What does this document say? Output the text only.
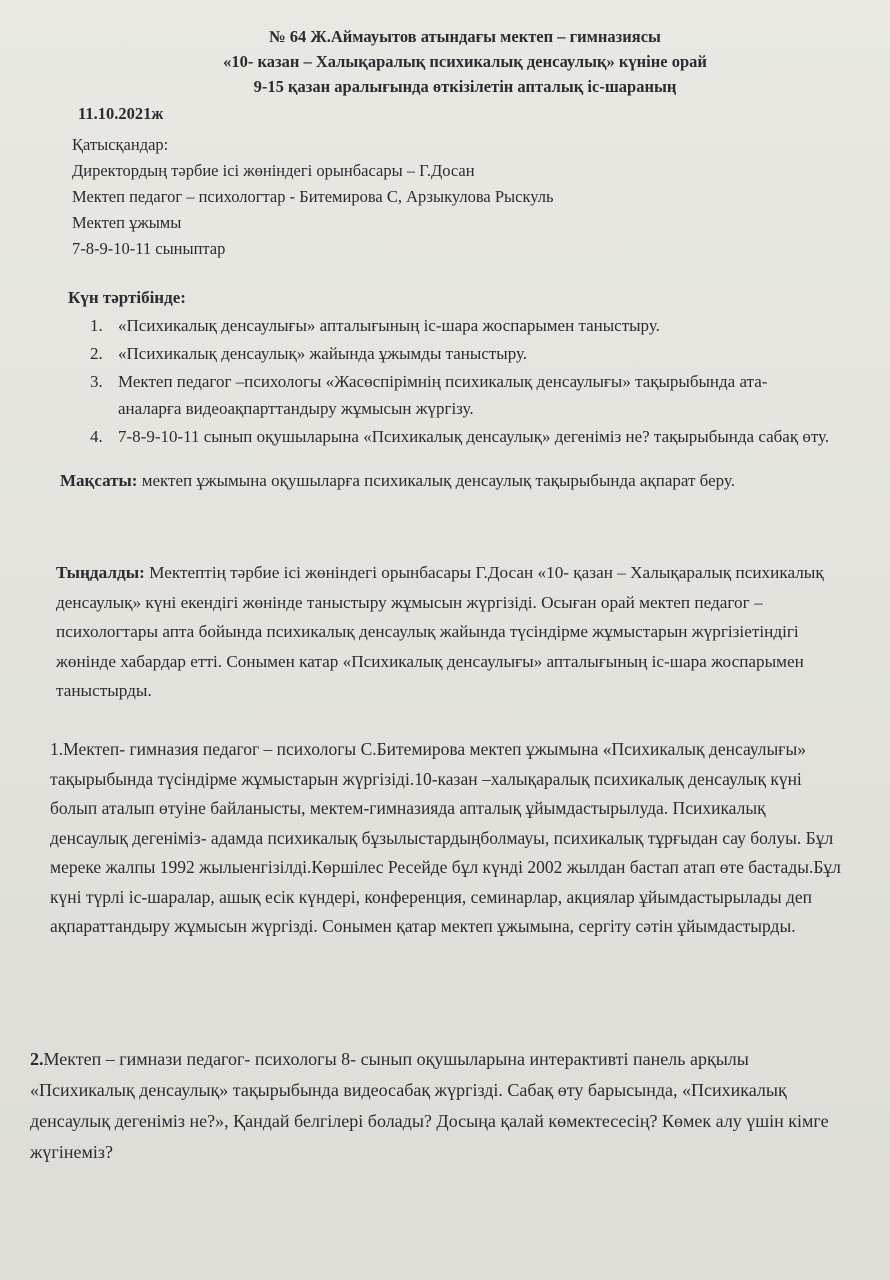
№ 64 Ж.Аймауытов атындағы мектеп – гимназиясы
«10- казан – Халықаралық психикалық денсаулық» күніне орай
9-15 қазан аралығында өткізілетін апталық іс-шараның
11.10.2021ж
Қатысқандар:
Директордың тәрбие ісі жөніндегі орынбасары – Г.Досан
Мектеп педагог – психологтар - Битемирова С, Арзыкулова Рыскуль
Мектеп ұжымы
7-8-9-10-11 сыныптар
Күн тәртібінде:
1. «Психикалық денсаулығы» апталығының іс-шара жоспарымен таныстыру.
2. «Психикалық денсаулық» жайында ұжымды таныстыру.
3. Мектеп педагог –психологы «Жасөспірімнің психикалық денсаулығы» тақырыбында ата-аналарға видеоақпарттандыру жұмысын жүргізу.
4. 7-8-9-10-11 сынып оқушыларына «Психикалық денсаулық» дегеніміз не? тақырыбында сабақ өту.
Мақсаты: мектеп ұжымына оқушыларға психикалық денсаулық тақырыбында ақпарат беру.
Тыңдалды: Мектептің тәрбие ісі жөніндегі орынбасары Г.Досан «10- қазан – Халықаралық психикалық денсаулық» күні екендігі жөнінде таныстыру жұмысын жүргізіді. Осыған орай мектеп педагог – психологтары апта бойында психикалық денсаулық жайында түсіндірме жұмыстарын жүргізіетіндігі жөнінде хабардар етті. Сонымен катар «Психикалық денсаулығы» апталығының іс-шара жоспарымен таныстырды.
1.Мектеп- гимназия педагог – психологы С.Битемирова мектеп ұжымына «Психикалық денсаулығы» тақырыбында түсіндірме жұмыстарын жүргізіді.10-казан –халықаралық психикалық денсаулық күні болып аталып өтуіне байланысты, мектем-гимназияда апталық ұйымдастырылуда. Психикалық денсаулық дегеніміз- адамда психикалық бұзылыстардыңболмауы, психикалық тұрғыдан сау болуы. Бұл мереке жалпы 1992 жылыенгізілді.Көршілес Ресейде бұл күнді 2002 жылдан бастап атап өте бастады.Бұл күні түрлі іс-шаралар, ашық есік күндері, конференция, семинарлар, акциялар ұйымдастырылады деп ақпараттандыру жұмысын жүргізді. Сонымен қатар мектеп ұжымына, сергіту сәтін ұйымдастырды.
2.Мектеп – гимнази педагог- психологы 8- сынып оқушыларына интерактивті панель арқылы «Психикалық денсаулық» тақырыбында видеосабақ жүргізді. Сабақ өту барысында, «Психикалық денсаулық дегеніміз не?», Қандай белгілері болады? Досыңа қалай көмектесесің? Көмек алу үшін кімге жүгінеміз?
